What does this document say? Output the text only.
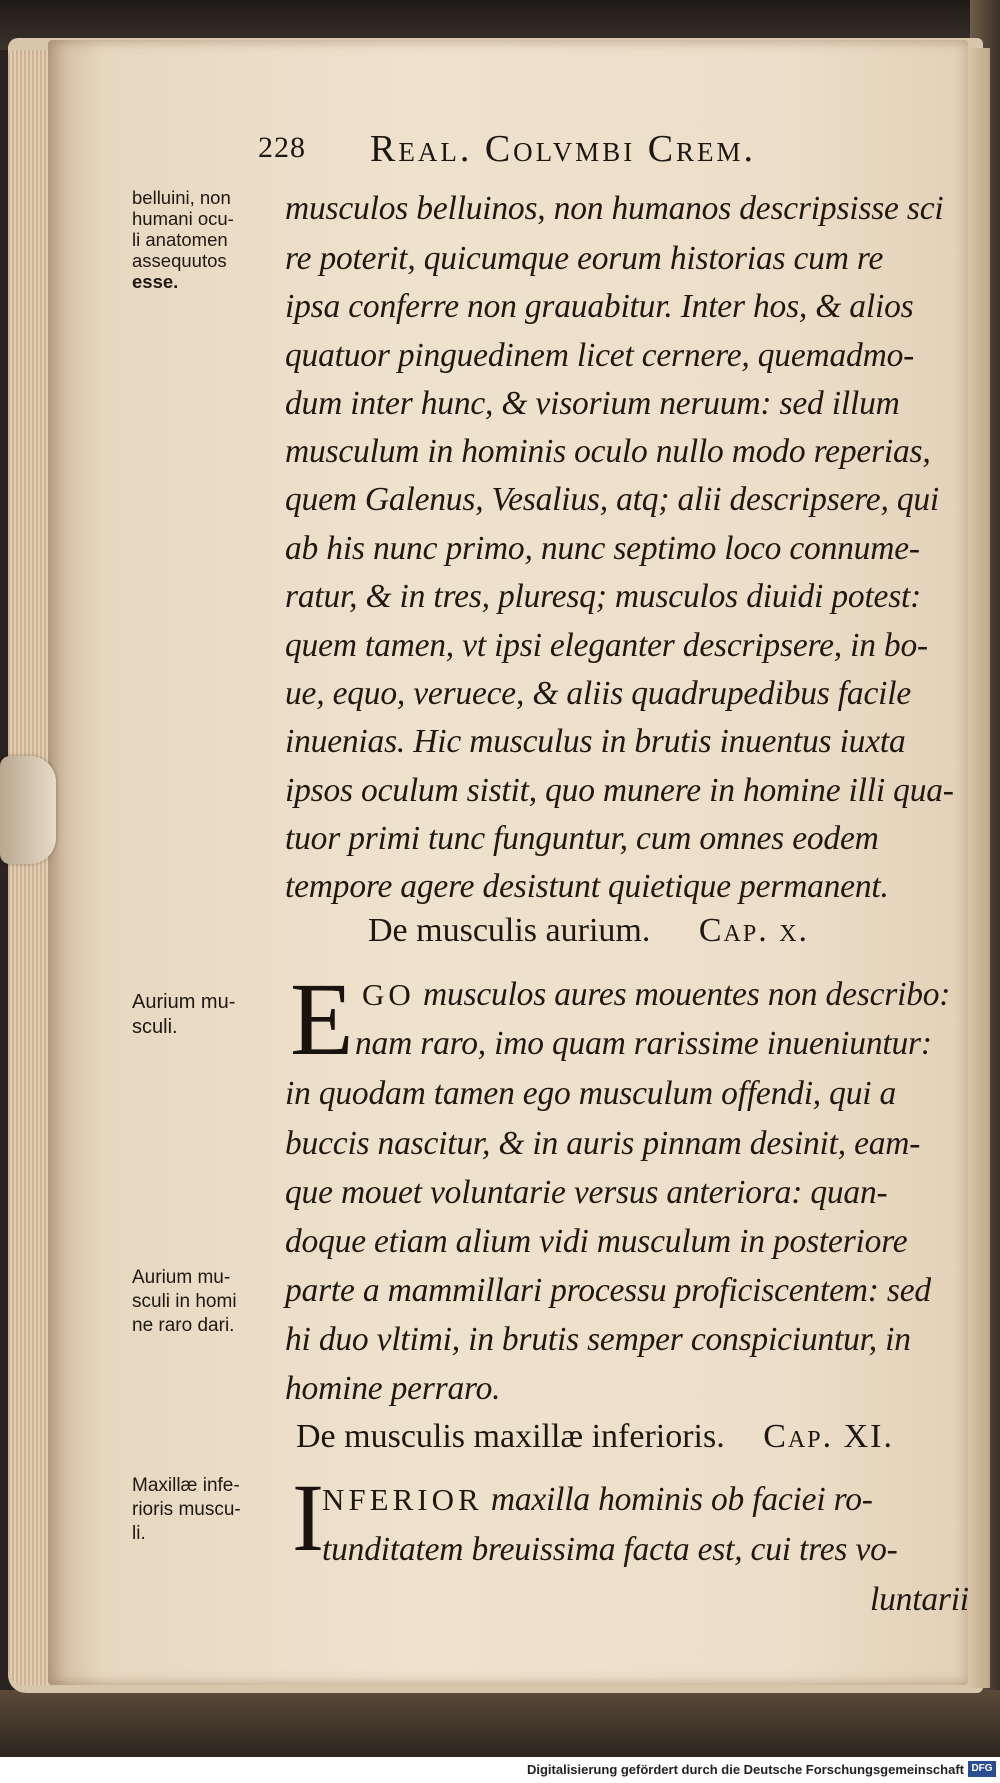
228 Real. Colvmbi Crem.
belluini, non
humani ocu-
li anatomen
assequutos
esse.
Aurium mu-
sculi.
Aurium mu-
sculi in homi
ne raro dari.
Maxillæ infe-
rioris muscu-
li.
musculos belluinos, non humanos descripsisse sci
re poterit, quicumque eorum historias cum re
ipsa conferre non grauabitur. Inter hos, & alios
quatuor pinguedinem licet cernere, quemadmo-
dum inter hunc, & visorium neruum: sed illum
musculum in hominis oculo nullo modo reperias,
quem Galenus, Vesalius, atq; alii descripsere, qui
ab his nunc primo, nunc septimo loco connume-
ratur, & in tres, pluresq; musculos diuidi potest:
quem tamen, vt ipsi eleganter descripsere, in bo-
ue, equo, veruece, & aliis quadrupedibus facile
inuenias. Hic musculus in brutis inuentus iuxta
ipsos oculum sistit, quo munere in homine illi qua-
tuor primi tunc funguntur, cum omnes eodem
tempore agere desistunt quietique permanent.
De musculis aurium. Cap. x.
E GO musculos aures mouentes non describo:
nam raro, imo quam rarissime inueniuntur:
in quodam tamen ego musculum offendi, qui a
buccis nascitur, & in auris pinnam desinit, eam-
que mouet voluntarie versus anteriora: quan-
doque etiam alium vidi musculum in posteriore
parte a mammillari processu proficiscentem: sed
hi duo vltimi, in brutis semper conspiciuntur, in
homine perraro.
De musculis maxillæ inferioris. Cap. XI.
I
NFERIOR maxilla hominis ob faciei ro-
tunditatem breuissima facta est, cui tres vo-
luntarii
Digitalisierung gefördert durch die Deutsche Forschungsgemeinschaft DFG
